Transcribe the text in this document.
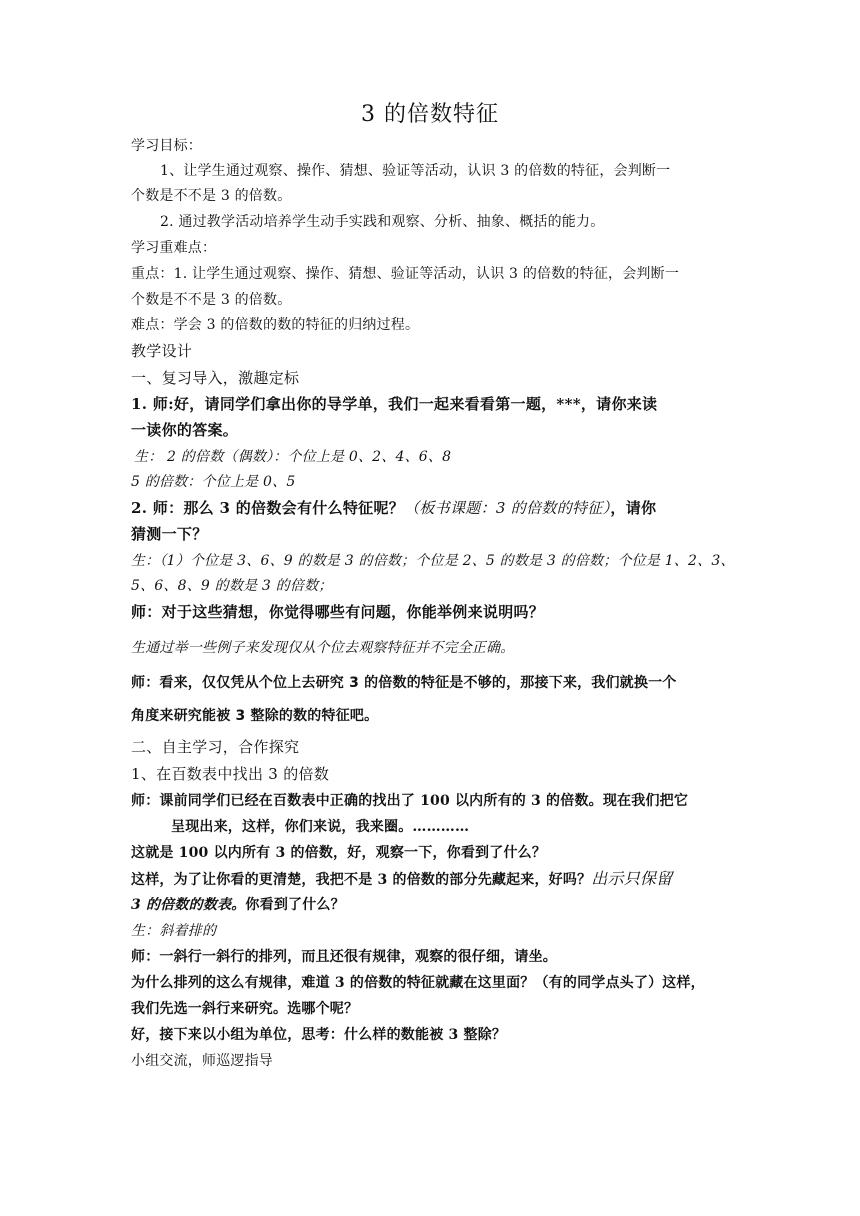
3 的倍数特征
学习目标：
1、让学生通过观察、操作、猜想、验证等活动，认识 3 的倍数的特征，会判断一
个数是不不是 3 的倍数。
2. 通过教学活动培养学生动手实践和观察、分析、抽象、概括的能力。
学习重难点：
重点：1. 让学生通过观察、操作、猜想、验证等活动，认识 3 的倍数的特征，会判断一
个数是不不是 3 的倍数。
难点：学会 3 的倍数的数的特征的归纳过程。
教学设计
一、复习导入，激趣定标
1. 师:好，请同学们拿出你的导学单，我们一起来看看第一题，***，请你来读
一读你的答案。
生： 2 的倍数（偶数）：个位上是 0、2、4、6、8
5 的倍数：个位上是 0、5
2. 师：那么 3 的倍数会有什么特征呢？（板书课题：3 的倍数的特征），请你
猜测一下？
生：（1）个位是 3、6、9 的数是 3 的倍数；个位是 2、5 的数是 3 的倍数；个位是 1、2、3、
5、6、8、9 的数是 3 的倍数；
师：对于这些猜想，你觉得哪些有问题，你能举例来说明吗？
生通过举一些例子来发现仅从个位去观察特征并不完全正确。
师：看来，仅仅凭从个位上去研究 3 的倍数的特征是不够的，那接下来，我们就换一个
角度来研究能被 3 整除的数的特征吧。
二、自主学习，合作探究
1、在百数表中找出 3 的倍数
师：课前同学们已经在百数表中正确的找出了 100 以内所有的 3 的倍数。现在我们把它
呈现出来，这样，你们来说，我来圈。…………
这就是 100 以内所有 3 的倍数，好，观察一下，你看到了什么？
这样，为了让你看的更清楚，我把不是 3 的倍数的部分先藏起来，好吗？出示只保留
3 的倍数的数表。你看到了什么？
生：斜着排的
师：一斜行一斜行的排列，而且还很有规律，观察的很仔细，请坐。
为什么排列的这么有规律，难道 3 的倍数的特征就藏在这里面？（有的同学点头了）这样，
我们先选一斜行来研究。选哪个呢？
好，接下来以小组为单位，思考：什么样的数能被 3 整除？
小组交流，师巡逻指导
